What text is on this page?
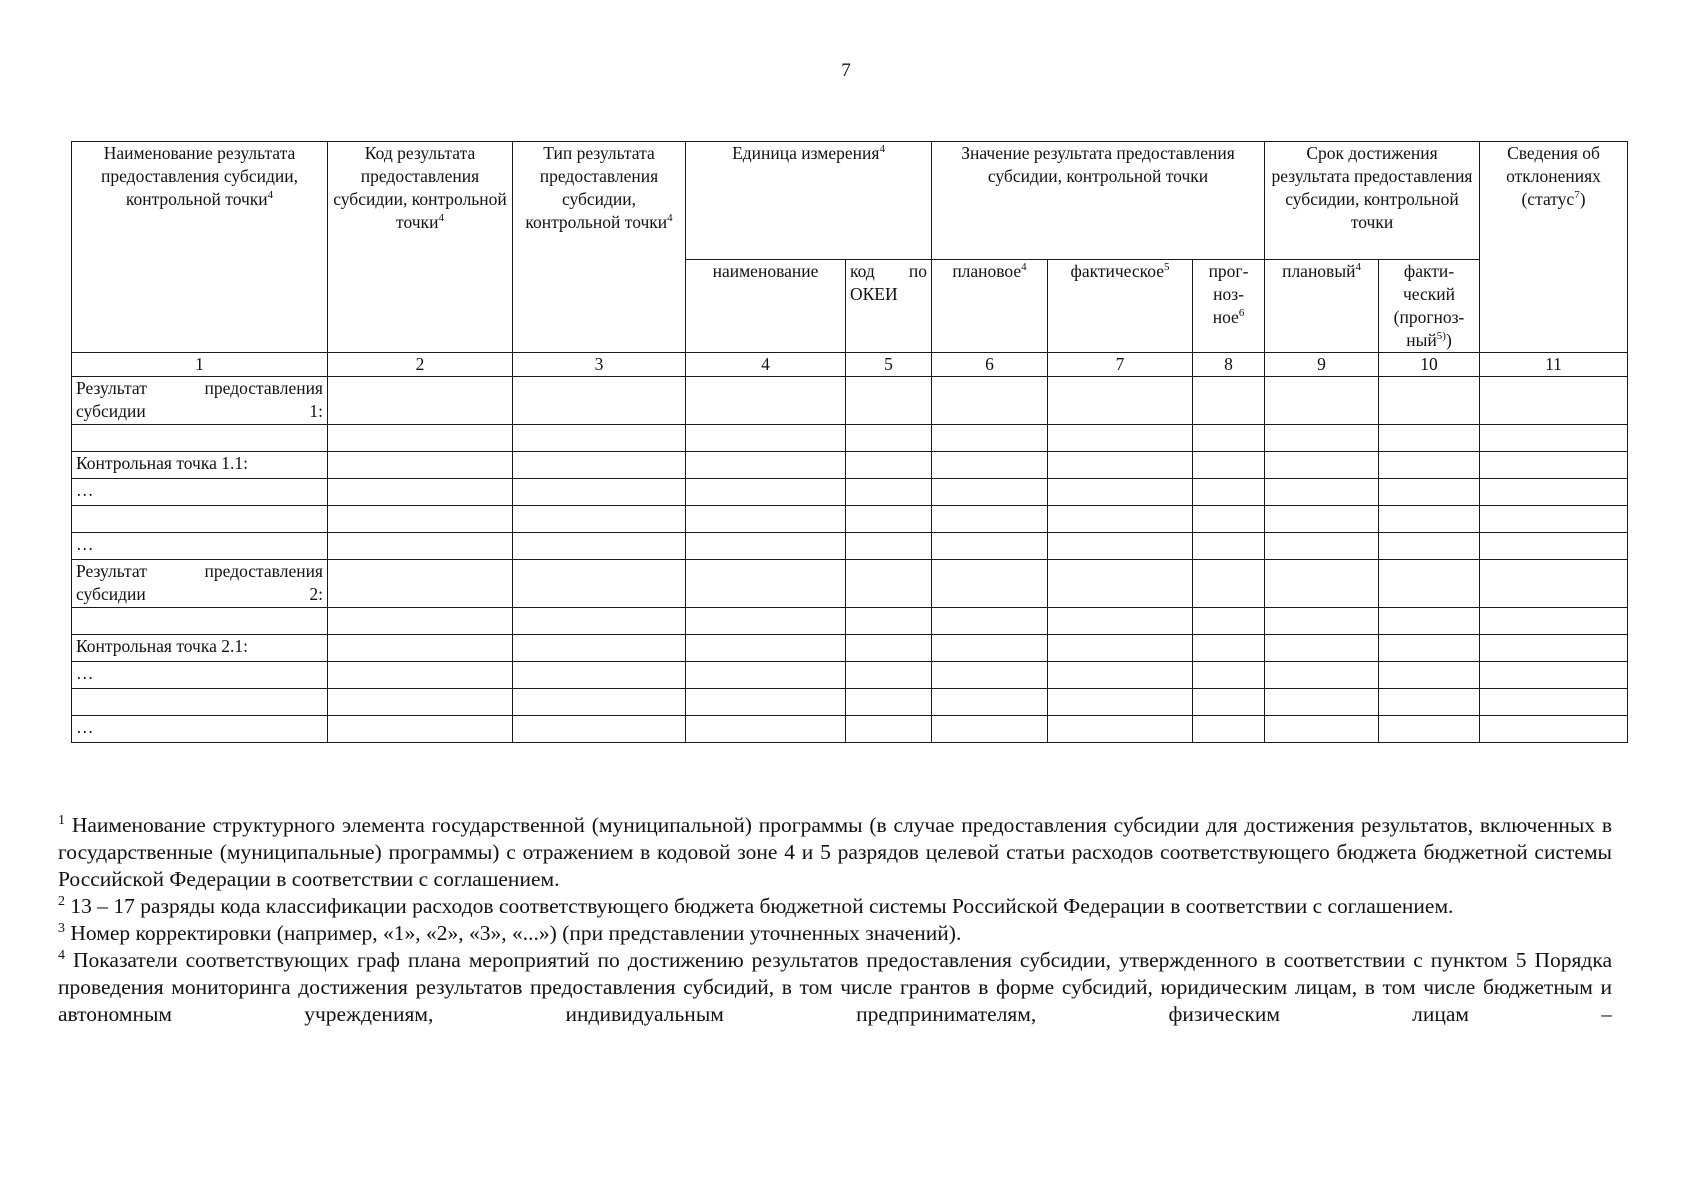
7
Наименование результата предоставления субсидии, контрольной точки$^4$	Код результата предоставления субсидии, контрольной точки$^4$	Тип результата предоставления субсидии, контрольной точки$^4$	Единица измерения$^4$		Значение результата предоставления субсидии, контрольной точки			Срок достижения результата предоставления субсидии, контрольной точки		Сведения об отклонениях (статус$^7$)
			наименование	код по ОКЕИ	плановое$^4$	фактическое$^5$	прог- ноз- ное$^6$	плановый$^4$	факти- ческий (прогноз- ный$^{5)}$)	
1	2	3	4	5	6	7	8	9	10	11
Результат предоставления субсидии 1:										

Контрольная точка 1.1:										
…										

…										
Результат предоставления субсидии 2:										

Контрольная точка 2.1:										
…										

…										

$^1$ Наименование структурного элемента государственной (муниципальной) программы (в случае предоставления субсидии для достижения результатов, включенных в государственные (муниципальные) программы) с отражением в кодовой зоне 4 и 5 разрядов целевой статьи расходов соответствующего бюджета бюджетной системы Российской Федерации в соответствии с соглашением.

$^2$ 13 – 17 разряды кода классификации расходов соответствующего бюджета бюджетной системы Российской Федерации в соответствии с соглашением.

$^3$ Номер корректировки (например, «1», «2», «3», «...») (при представлении уточненных значений).

$^4$ Показатели соответствующих граф плана мероприятий по достижению результатов предоставления субсидии, утвержденного в соответствии с пунктом 5 Порядка проведения мониторинга достижения результатов предоставления субсидий, в том числе грантов в форме субсидий, юридическим лицам, в том числе бюджетным и автономным учреждениям, индивидуальным предпринимателям, физическим лицам –
